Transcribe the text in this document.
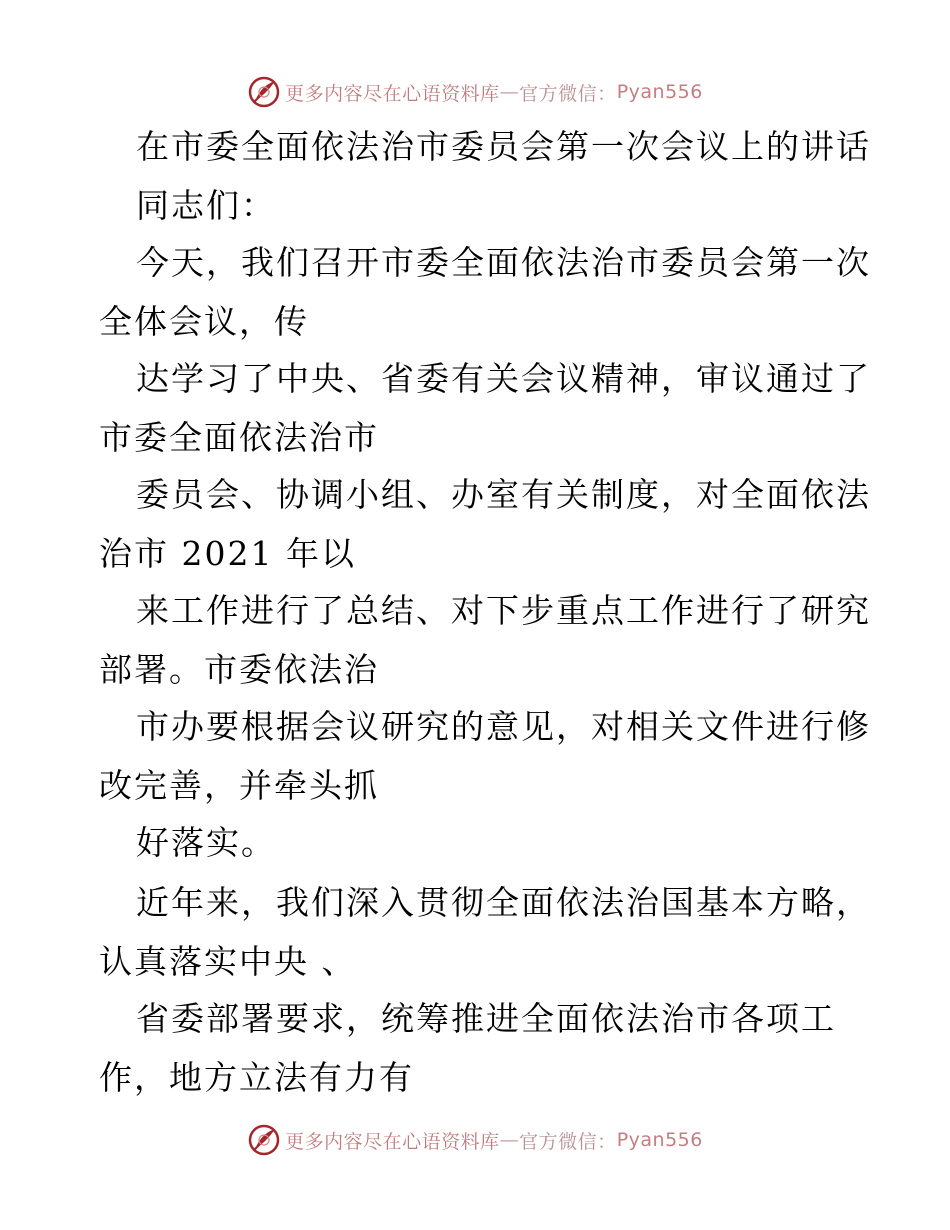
更多内容尽在心语资料库 — 官方微信： Pyan556
在市委全面依法治市委员会第一次会议上的讲话
同志们：
今天，我们召开市委全面依法治市委员会第一次
全体会议，传
达学习了中央、省委有关会议精神，审议通过了
市委全面依法治市
委员会、协调小组、办室有关制度，对全面依法
治市 2021 年以
来工作进行了总结、对下步重点工作进行了研究
部署。市委依法治
市办要根据会议研究的意见，对相关文件进行修
改完善，并牵头抓
好落实。
近年来，我们深入贯彻全面依法治国基本方略，
认真落实中央 、
省委部署要求，统筹推进全面依法治市各项工
作，地方立法有力有
更多内容尽在心语资料库 — 官方微信： Pyan556
